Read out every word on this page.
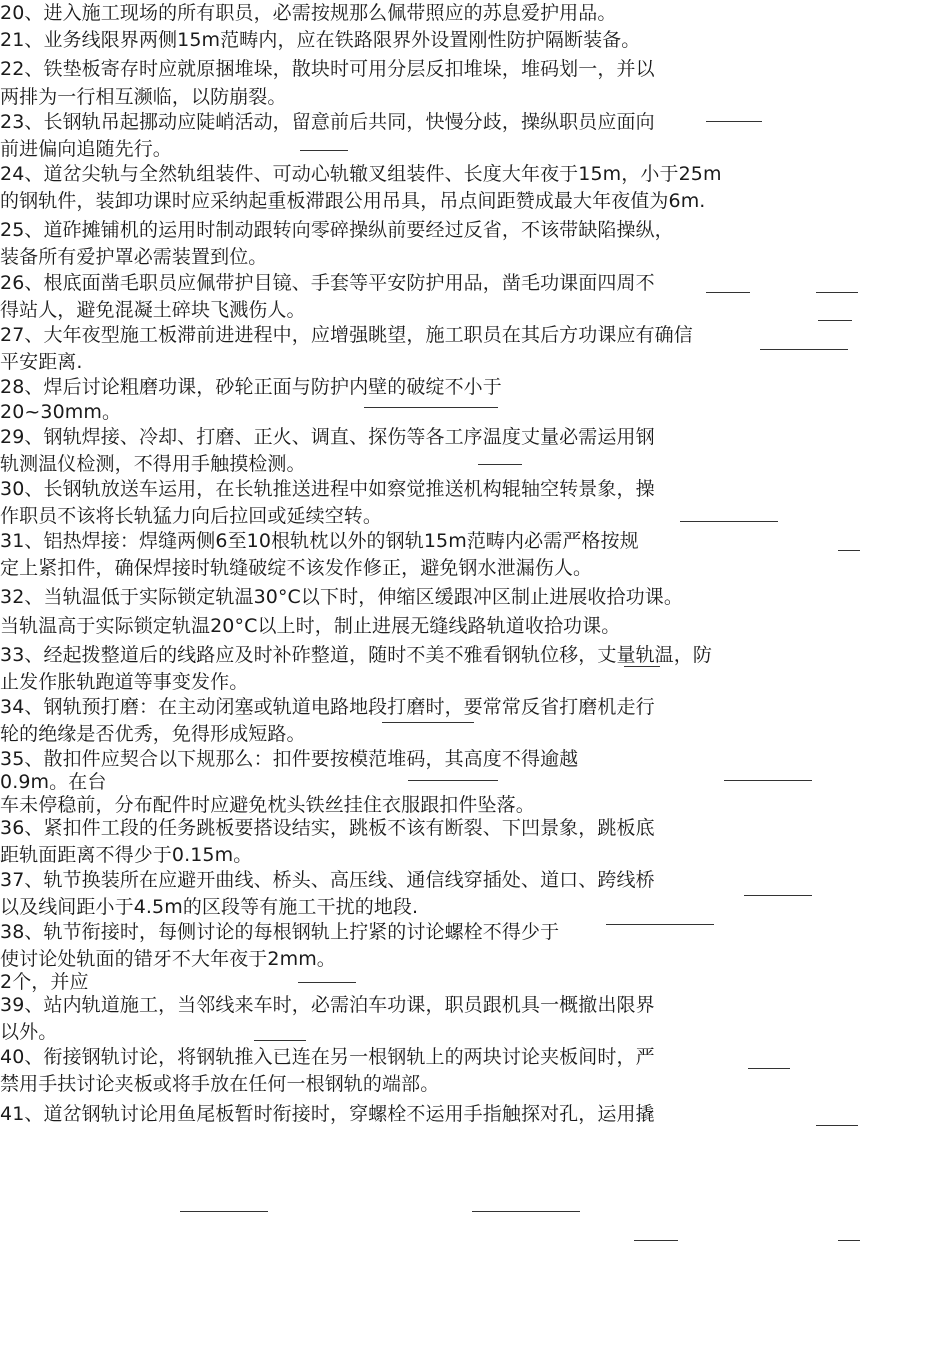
20、进入施工现场的所有职员，必需按规那么佩带照应的苏息爱护用品。
21、业务线限界两侧15m范畴内，应在铁路限界外设置刚性防护隔断装备。
22、铁垫板寄存时应就原捆堆垛，散块时可用分层反扣堆垛，堆码划一，并以
两排为一行相互濒临，以防崩裂。
23、长钢轨吊起挪动应陡峭活动，留意前后共同，快慢分歧，操纵职员应面向
前进偏向追随先行。
24、道岔尖轨与全然轨组装件、可动心轨辙叉组装件、长度大年夜于15m，小于25m
的钢轨件，装卸功课时应采纳起重板滞跟公用吊具，吊点间距赞成最大年夜值为6m.
25、道砟摊铺机的运用时制动跟转向零碎操纵前要经过反省，不该带缺陷操纵，
装备所有爱护罩必需装置到位。
26、根底面凿毛职员应佩带护目镜、手套等平安防护用品，凿毛功课面四周不
得站人，避免混凝土碎块飞溅伤人。
27、大年夜型施工板滞前进进程中，应增强眺望，施工职员在其后方功课应有确信
平安距离.
28、焊后讨论粗磨功课，砂轮正面与防护内壁的破绽不小于
20~30mm。
29、钢轨焊接、冷却、打磨、正火、调直、探伤等各工序温度丈量必需运用钢
轨测温仪检测，不得用手触摸检测。
30、长钢轨放送车运用，在长轨推送进程中如察觉推送机构辊轴空转景象，操
作职员不该将长轨猛力向后拉回或延续空转。
31、铝热焊接：焊缝两侧6至10根轨枕以外的钢轨15m范畴内必需严格按规
定上紧扣件，确保焊接时轨缝破绽不该发作修正，避免钢水泄漏伤人。
32、当轨温低于实际锁定轨温30°C以下时，伸缩区缓跟冲区制止进展收拾功课。
当轨温高于实际锁定轨温20°C以上时，制止进展无缝线路轨道收拾功课。
33、经起拨整道后的线路应及时补砟整道，随时不美不雅看钢轨位移，丈量轨温，防
止发作胀轨跑道等事变发作。
34、钢轨预打磨：在主动闭塞或轨道电路地段打磨时，要常常反省打磨机走行
轮的绝缘是否优秀，免得形成短路。
35、散扣件应契合以下规那么：扣件要按模范堆码，其高度不得逾越
0.9m。在台
车未停稳前，分布配件时应避免枕头铁丝挂住衣服跟扣件坠落。
36、紧扣件工段的任务跳板要搭设结实，跳板不该有断裂、下凹景象，跳板底
距轨面距离不得少于0.15m。
37、轨节换装所在应避开曲线、桥头、高压线、通信线穿插处、道口、跨线桥
以及线间距小于4.5m的区段等有施工干扰的地段.
38、轨节衔接时，每侧讨论的每根钢轨上拧紧的讨论螺栓不得少于
使讨论处轨面的错牙不大年夜于2mm。
2个，并应
39、站内轨道施工，当邻线来车时，必需泊车功课，职员跟机具一概撤出限界
以外。
40、衔接钢轨讨论，将钢轨推入已连在另一根钢轨上的两块讨论夹板间时，严
禁用手扶讨论夹板或将手放在任何一根钢轨的端部。
41、道岔钢轨讨论用鱼尾板暂时衔接时，穿螺栓不运用手指触探对孔，运用撬
